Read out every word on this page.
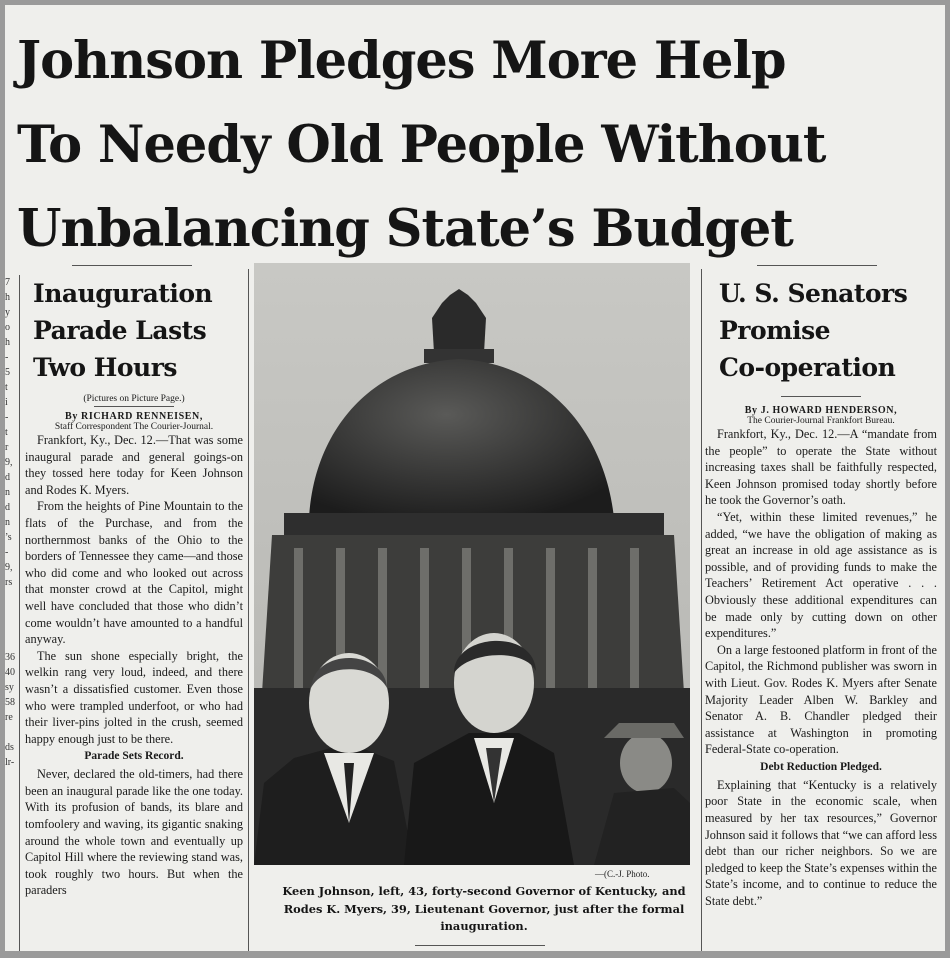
Johnson Pledges More Help
To Needy Old People Without
Unbalancing State’s Budget
7
h
y
o
h
-
5
t
i
-
t
r
9,
d
n
d
n
’s
-
9,
rs

36
40
sy
58
re

ds
lr-
Inauguration
Parade Lasts
Two Hours
(Pictures on Picture Page.)
By RICHARD RENNEISEN,
Staff Correspondent The Courier-Journal.

Frankfort, Ky., Dec. 12.—That was some inaugural parade and general goings-on they tossed here today for Keen Johnson and Rodes K. Myers.

From the heights of Pine Mountain to the flats of the Purchase, and from the northernmost banks of the Ohio to the borders of Tennessee they came—and those who did come and who looked out across that monster crowd at the Capitol, might well have concluded that those who didn’t come wouldn’t have amounted to a handful anyway.

The sun shone especially bright, the welkin rang very loud, indeed, and there wasn’t a dissatisfied customer. Even those who were trampled underfoot, or who had their liver-pins jolted in the crush, seemed happy enough just to be there.

Parade Sets Record.

Never, declared the old-timers, had there been an inaugural parade like the one today. With its profusion of bands, its blare and tomfoolery and waving, its gigantic snaking around the whole town and eventually up Capitol Hill where the reviewing stand was, took roughly two hours. But when the paraders

—(C.-J. Photo.

Keen Johnson, left, 43, forty-second Governor of Kentucky, and Rodes K. Myers, 39, Lieutenant Governor, just after the formal inauguration.

U. S. Senators
Promise
Co-operation
By J. HOWARD HENDERSON,
The Courier-Journal Frankfort Bureau.

Frankfort, Ky., Dec. 12.—A “mandate from the people” to operate the State without increasing taxes shall be faithfully respected, Keen Johnson promised today shortly before he took the Governor’s oath.

“Yet, within these limited revenues,” he added, “we have the obligation of making as great an increase in old age assistance as is possible, and of providing funds to make the Teachers’ Retirement Act operative . . . Obviously these additional expenditures can be made only by cutting down on other expenditures.”

On a large festooned platform in front of the Capitol, the Richmond publisher was sworn in with Lieut. Gov. Rodes K. Myers after Senate Majority Leader Alben W. Barkley and Senator A. B. Chandler pledged their assistance at Washington in promoting Federal-State co-operation.

Debt Reduction Pledged.

Explaining that “Kentucky is a relatively poor State in the economic scale, when measured by her tax resources,” Governor Johnson said it follows that “we can afford less debt than our richer neighbors. So we are pledged to keep the State’s expenses within the State’s income, and to continue to reduce the State debt.”
